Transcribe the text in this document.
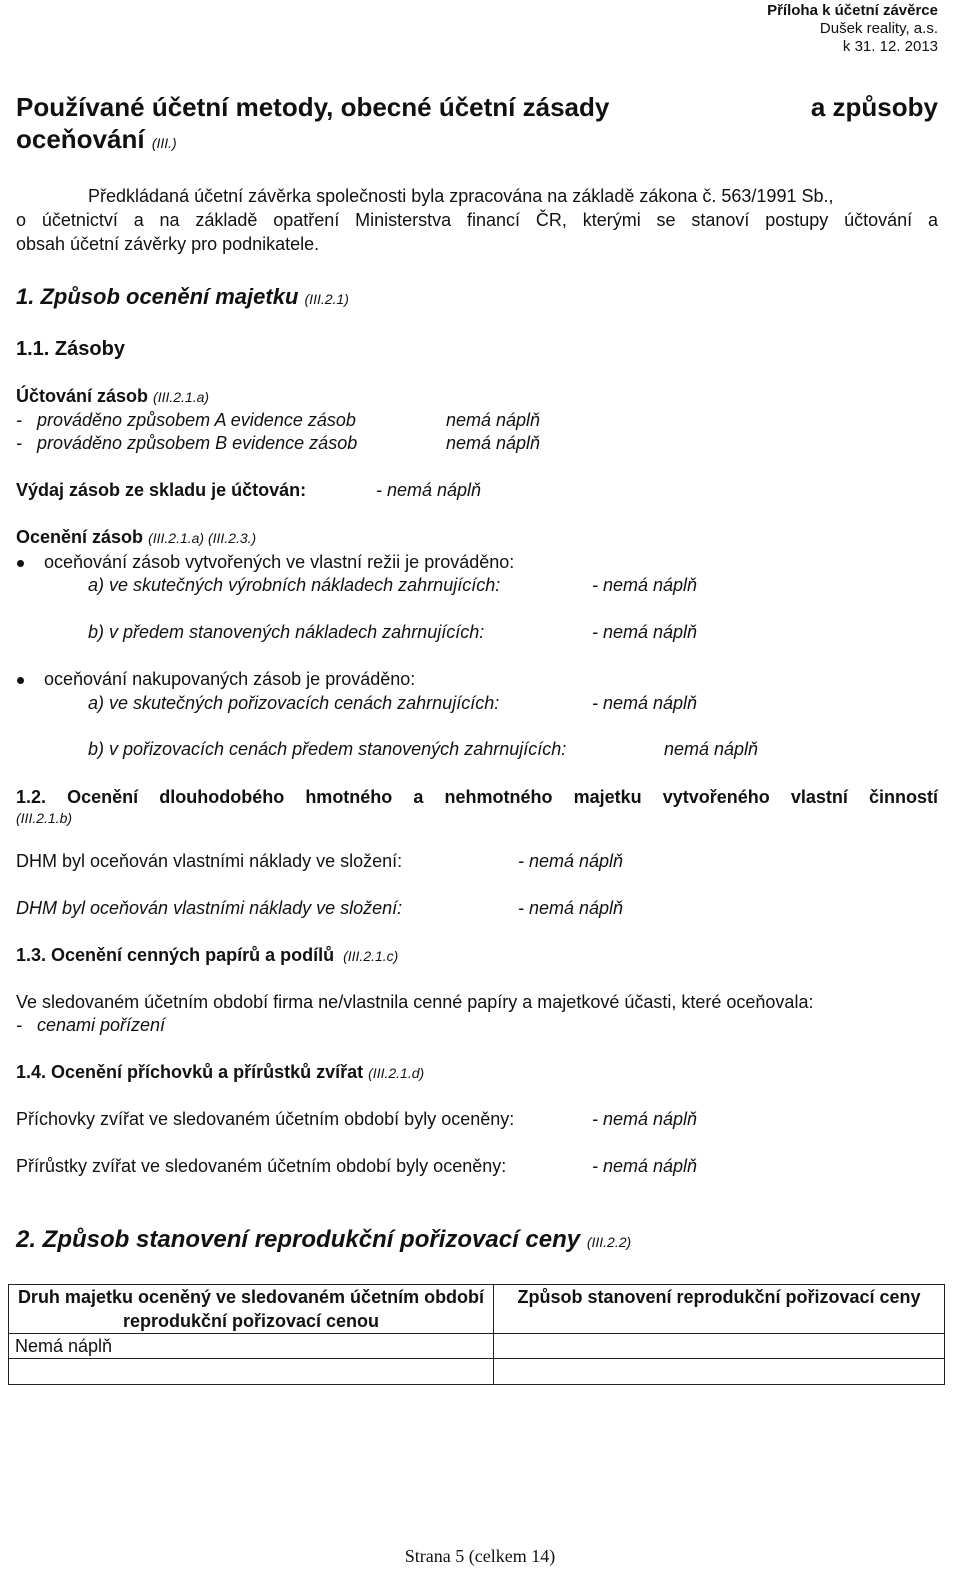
Příloha k účetní závěrce
Dušek reality, a.s.
k 31. 12. 2013
Používané účetní metody, obecné účetní zásady	a způsoby
oceňování (III.)
Předkládaná účetní závěrka společnosti byla zpracována na základě zákona č. 563/1991 Sb.,
o účetnictví a na základě opatření Ministerstva financí ČR, kterými se stanoví postupy účtování a
obsah účetní závěrky pro podnikatele.
1. Způsob ocenění majetku (III.2.1)
1.1. Zásoby
Účtování zásob (III.2.1.a)
-   prováděno způsobem A evidence zásob	nemá náplň
-   prováděno způsobem B evidence zásob	nemá náplň
Výdaj zásob ze skladu je účtován:	- nemá náplň
Ocenění zásob (III.2.1.a) (III.2.3.)
oceňování zásob vytvořených ve vlastní režii je prováděno:
a) ve skutečných výrobních nákladech zahrnujících:	- nemá náplň
b) v předem stanovených nákladech zahrnujících:	- nemá náplň
oceňování nakupovaných zásob je prováděno:
a) ve skutečných pořizovacích cenách zahrnujících:	- nemá náplň
b) v pořizovacích cenách předem stanovených zahrnujících:	nemá náplň
1.2. Ocenění dlouhodobého hmotného a nehmotného majetku vytvořeného vlastní činností
(III.2.1.b)
DHM byl oceňován vlastními náklady ve složení:	- nemá náplň
DHM byl oceňován vlastními náklady ve složení:	- nemá náplň
1.3. Ocenění cenných papírů a podílů (III.2.1.c)
Ve sledovaném účetním období firma ne/vlastnila cenné papíry a majetkové účasti, které oceňovala:
-   cenami pořízení
1.4. Ocenění příchovků a přírůstků zvířat (III.2.1.d)
Příchovky zvířat ve sledovaném účetním období byly oceněny:	- nemá náplň
Přírůstky zvířat ve sledovaném účetním období byly oceněny:	- nemá náplň
2. Způsob stanovení reprodukční pořizovací ceny (III.2.2)
Druh majetku oceněný ve sledovaném účetním období reprodukční pořizovací cenou	Způsob stanovení reprodukční pořizovací ceny
Nemá náplň	

Strana 5 (celkem 14)
